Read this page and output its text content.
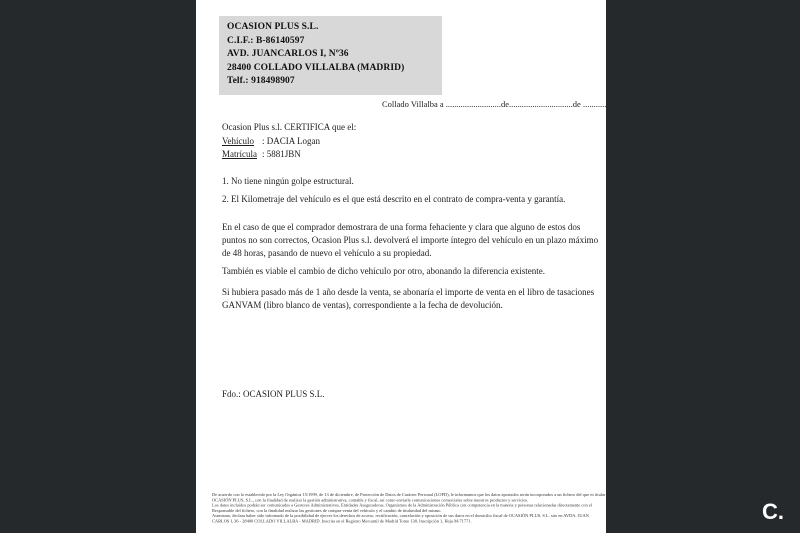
OCASION PLUS S.L.
C.I.F.: B-86140597
AVD. JUANCARLOS I, Nº36
28400 COLLADO VILLALBA (MADRID)
Telf.: 918498907
Collado Villalba a ..........................de..............................de ...........
Ocasion Plus s.l. CERTIFICA que el:
Vehículo : DACIA Logan
Matrícula : 5881JBN
1. No tiene ningún golpe estructural.
2. El Kilometraje del vehículo es el que está descrito en el contrato de compra-venta y garantía.
En el caso de que el comprador demostrara de una forma fehaciente y clara que alguno de estos dos puntos no son correctos, Ocasion Plus s.l. devolverá el importe íntegro del vehículo en un plazo máximo de 48 horas, pasando de nuevo el vehículo a su propiedad.
También es viable el cambio de dicho vehículo por otro, abonando la diferencia existente.
Si hubiera pasado más de 1 año desde la venta, se abonaría el importe de venta en el libro de tasaciones GANVAM (libro blanco de ventas), correspondiente a la fecha de devolución.
Fdo.: OCASION PLUS S.L.
De acuerdo con lo establecido por la Ley Orgánica 15/1999, de 13 de diciembre, de Protección de Datos de Carácter Personal (LOPD), le informamos que los datos aportados serán incorporados a un fichero del que es titular
OCASIÓN PLUS, S.L., con la finalidad de realizar la gestión administrativa, contable y fiscal, así como enviarle comunicaciones comerciales sobre nuestros productos y servicios.
Los datos incluidos podrán ser comunicados a Gestores Administrativos, Entidades Aseguradoras, Organismos de la Administración Pública con competencia en la materia y personas relacionadas directamente con el
Responsable del fichero, con la finalidad realizar las gestiones de compra-venta del vehículo y el cambio de titularidad del mismo.
Asimismo, declara haber sido informado de la posibilidad de ejercer los derechos de acceso, rectificación, cancelación y oposición de sus datos en el domicilio fiscal de OCASIÓN PLUS, S.L. sito en AVDA. JUAN
CARLOS I, 36 - 28400 COLLADO VILLALBA - MADRID. Inscrita en el Registro Mercantil de Madrid Tomo 130, Inscripción 1, Hoja M-71771.	C.
